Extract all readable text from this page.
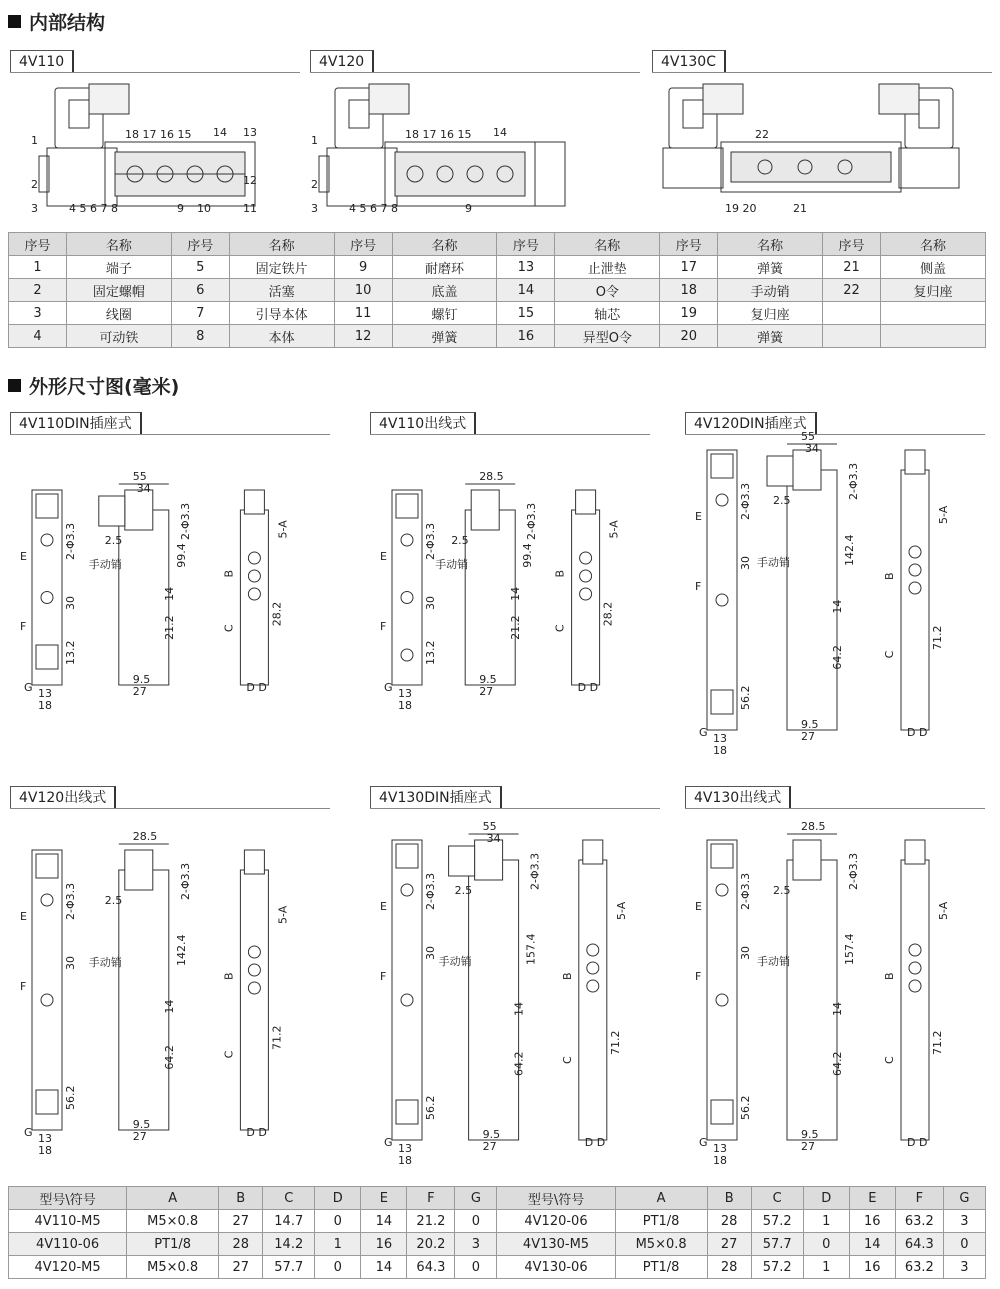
内部结构
4V110	4V120	4V130C
18 17 16 15 14 13
1
2
3	4 5 6 7 8	9 10	11
12
18 17 16 15 14
1
2
3	4 5 6 7 8	9
22
19 20	21
序号	名称	序号	名称	序号	名称	序号	名称	序号	名称	序号	名称
1	端子	5	固定铁片	9	耐磨环	13	止泄垫	17	弹簧	21	侧盖
2	固定螺帽	6	活塞	10	底盖	14	O令	18	手动销	22	复归座
3	线圈	7	引导本体	11	螺钉	15	轴芯	19	复归座		
4	可动铁	8	本体	12	弹簧	16	异型O令	20	弹簧		
外形尺寸图(毫米)
4V110DIN插座式
E
F
G 13
18
2-Φ3.3
30
13.2
55
34
2.5
手动销	99.4
14
21.2
9.5
27
2-Φ3.3	5-A
B
C
28.2
D D
4V110出线式
E
F
G 13
18
2-Φ3.3
30
13.2
28.5
2.5
手动销	99.4
14
21.2
9.5
27
2-Φ3.3	5-A
B
C
28.2
D D
4V120DIN插座式
E
F
G 13
18
2-Φ3.3
30
56.2
55
34
2.5
手动销	142.4
14
64.2
9.5
27
2-Φ3.3
5-A
B
C
71.2
D D
4V120出线式
E
F
G 13
18
2-Φ3.3
30
56.2
28.5
2.5
手动销	142.4
14
64.2
9.5
27
2-Φ3.3
5-A
B
C
71.2
D D
4V130DIN插座式
E
F
G 13
18
2-Φ3.3
30
56.2
55
34
2.5
手动销	157.4
14
64.2
9.5
27
2-Φ3.3
5-A
B
C
71.2
D D
4V130出线式
E
F
G 13
18
2-Φ3.3
30
56.2
28.5
2.5
手动销	157.4
14
64.2
9.5
27
2-Φ3.3
5-A
B
C
71.2
D D
型号\符号	A	B	C	D	E	F	G	型号\符号	A	B	C	D	E	F	G
4V110-M5	M5×0.8	27	14.7	0	14	21.2	0	4V120-06	PT1/8	28	57.2	1	16	63.2	3
4V110-06	PT1/8	28	14.2	1	16	20.2	3	4V130-M5	M5×0.8	27	57.7	0	14	64.3	0
4V120-M5	M5×0.8	27	57.7	0	14	64.3	0	4V130-06	PT1/8	28	57.2	1	16	63.2	3
